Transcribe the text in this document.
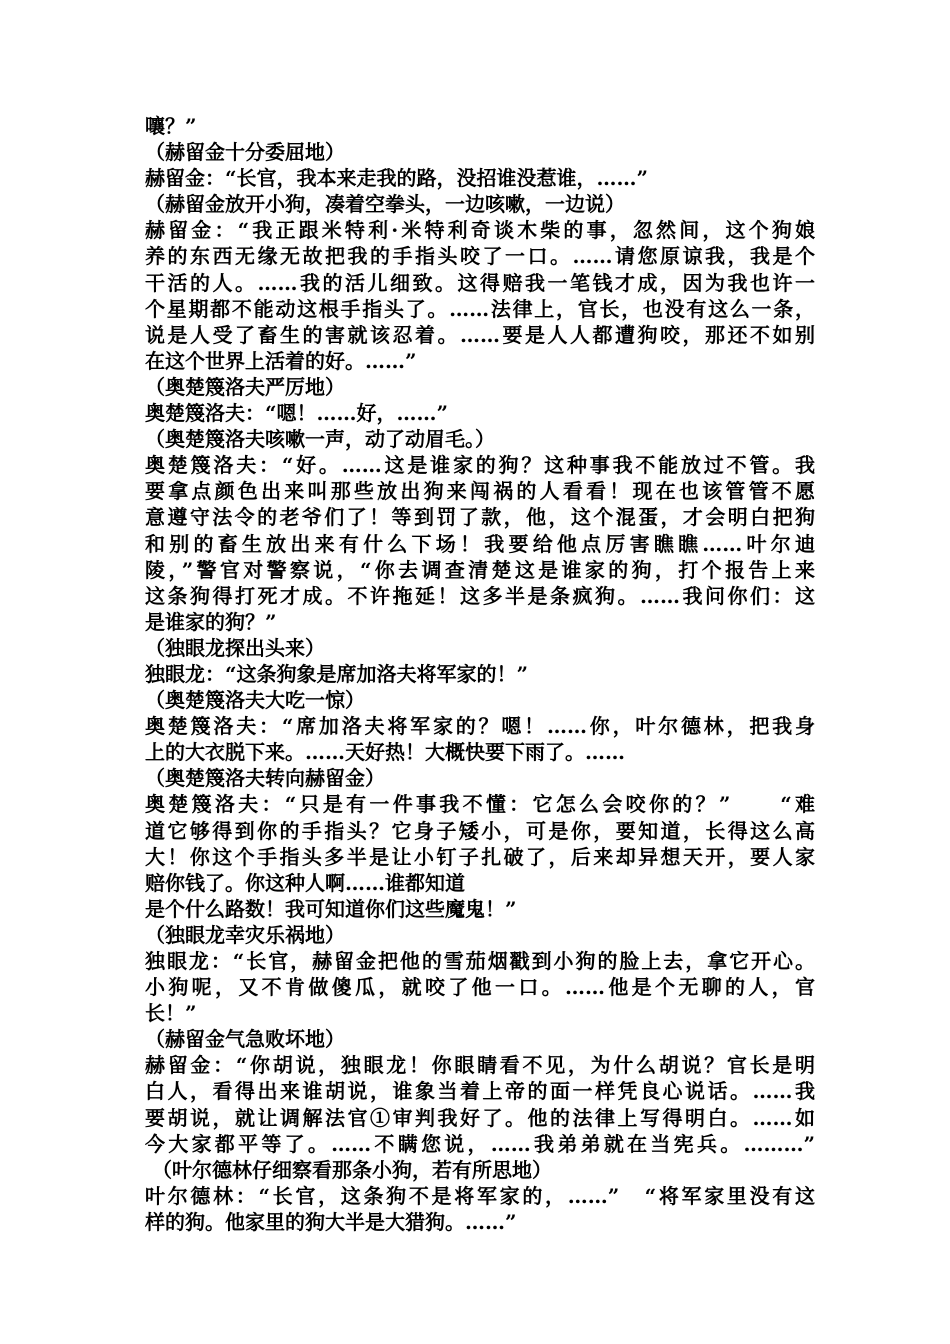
嚷？”
（赫留金十分委屈地）
赫留金：“长官，我本来走我的路，没招谁没惹谁，……”
（赫留金放开小狗，凑着空拳头，一边咳嗽，一边说）
赫留金：“我正跟米特利·米特利奇谈木柴的事，忽然间，这个狗娘
养的东西无缘无故把我的手指头咬了一口。……请您原谅我，我是个
干活的人。……我的活儿细致。这得赔我一笔钱才成，因为我也许一
个星期都不能动这根手指头了。……法律上，官长，也没有这么一条，
说是人受了畜生的害就该忍着。……要是人人都遭狗咬，那还不如别
在这个世界上活着的好。……”
（奥楚篾洛夫严厉地）
奥楚篾洛夫：“嗯！……好，……”
（奥楚篾洛夫咳嗽一声，动了动眉毛。）
奥楚篾洛夫：“好。……这是谁家的狗？这种事我不能放过不管。我
要拿点颜色出来叫那些放出狗来闯祸的人看看！现在也该管管不愿
意遵守法令的老爷们了！等到罚了款，他，这个混蛋，才会明白把狗
和别的畜生放出来有什么下场！我要给他点厉害瞧瞧……叶尔迪
陵，”警官对警察说，“你去调查清楚这是谁家的狗，打个报告上来
这条狗得打死才成。不许拖延！这多半是条疯狗。……我问你们：这
是谁家的狗？”
（独眼龙探出头来）
独眼龙：“这条狗象是席加洛夫将军家的！”
（奥楚篾洛夫大吃一惊）
奥楚篾洛夫：“席加洛夫将军家的？嗯！……你，叶尔德林，把我身
上的大衣脱下来。……天好热！大概快要下雨了。……
（奥楚篾洛夫转向赫留金）
奥楚篾洛夫：“只是有一件事我不懂：它怎么会咬你的？”　　“难
道它够得到你的手指头？它身子矮小，可是你，要知道，长得这么高
大！你这个手指头多半是让小钉子扎破了，后来却异想天开，要人家
赔你钱了。你这种人啊……谁都知道
是个什么路数！我可知道你们这些魔鬼！”
（独眼龙幸灾乐祸地）
独眼龙：“长官，赫留金把他的雪茄烟戳到小狗的脸上去，拿它开心。
小狗呢，又不肯做傻瓜，就咬了他一口。……他是个无聊的人，官
长！”
（赫留金气急败坏地）
赫留金：“你胡说，独眼龙！你眼睛看不见，为什么胡说？官长是明
白人，看得出来谁胡说，谁象当着上帝的面一样凭良心说话。……我
要胡说，就让调解法官①审判我好了。他的法律上写得明白。……如
今大家都平等了。……不瞒您说，……我弟弟就在当宪兵。………”
（叶尔德林仔细察看那条小狗，若有所思地）
叶尔德林：“长官，这条狗不是将军家的，……”　“将军家里没有这
样的狗。他家里的狗大半是大猎狗。……”
